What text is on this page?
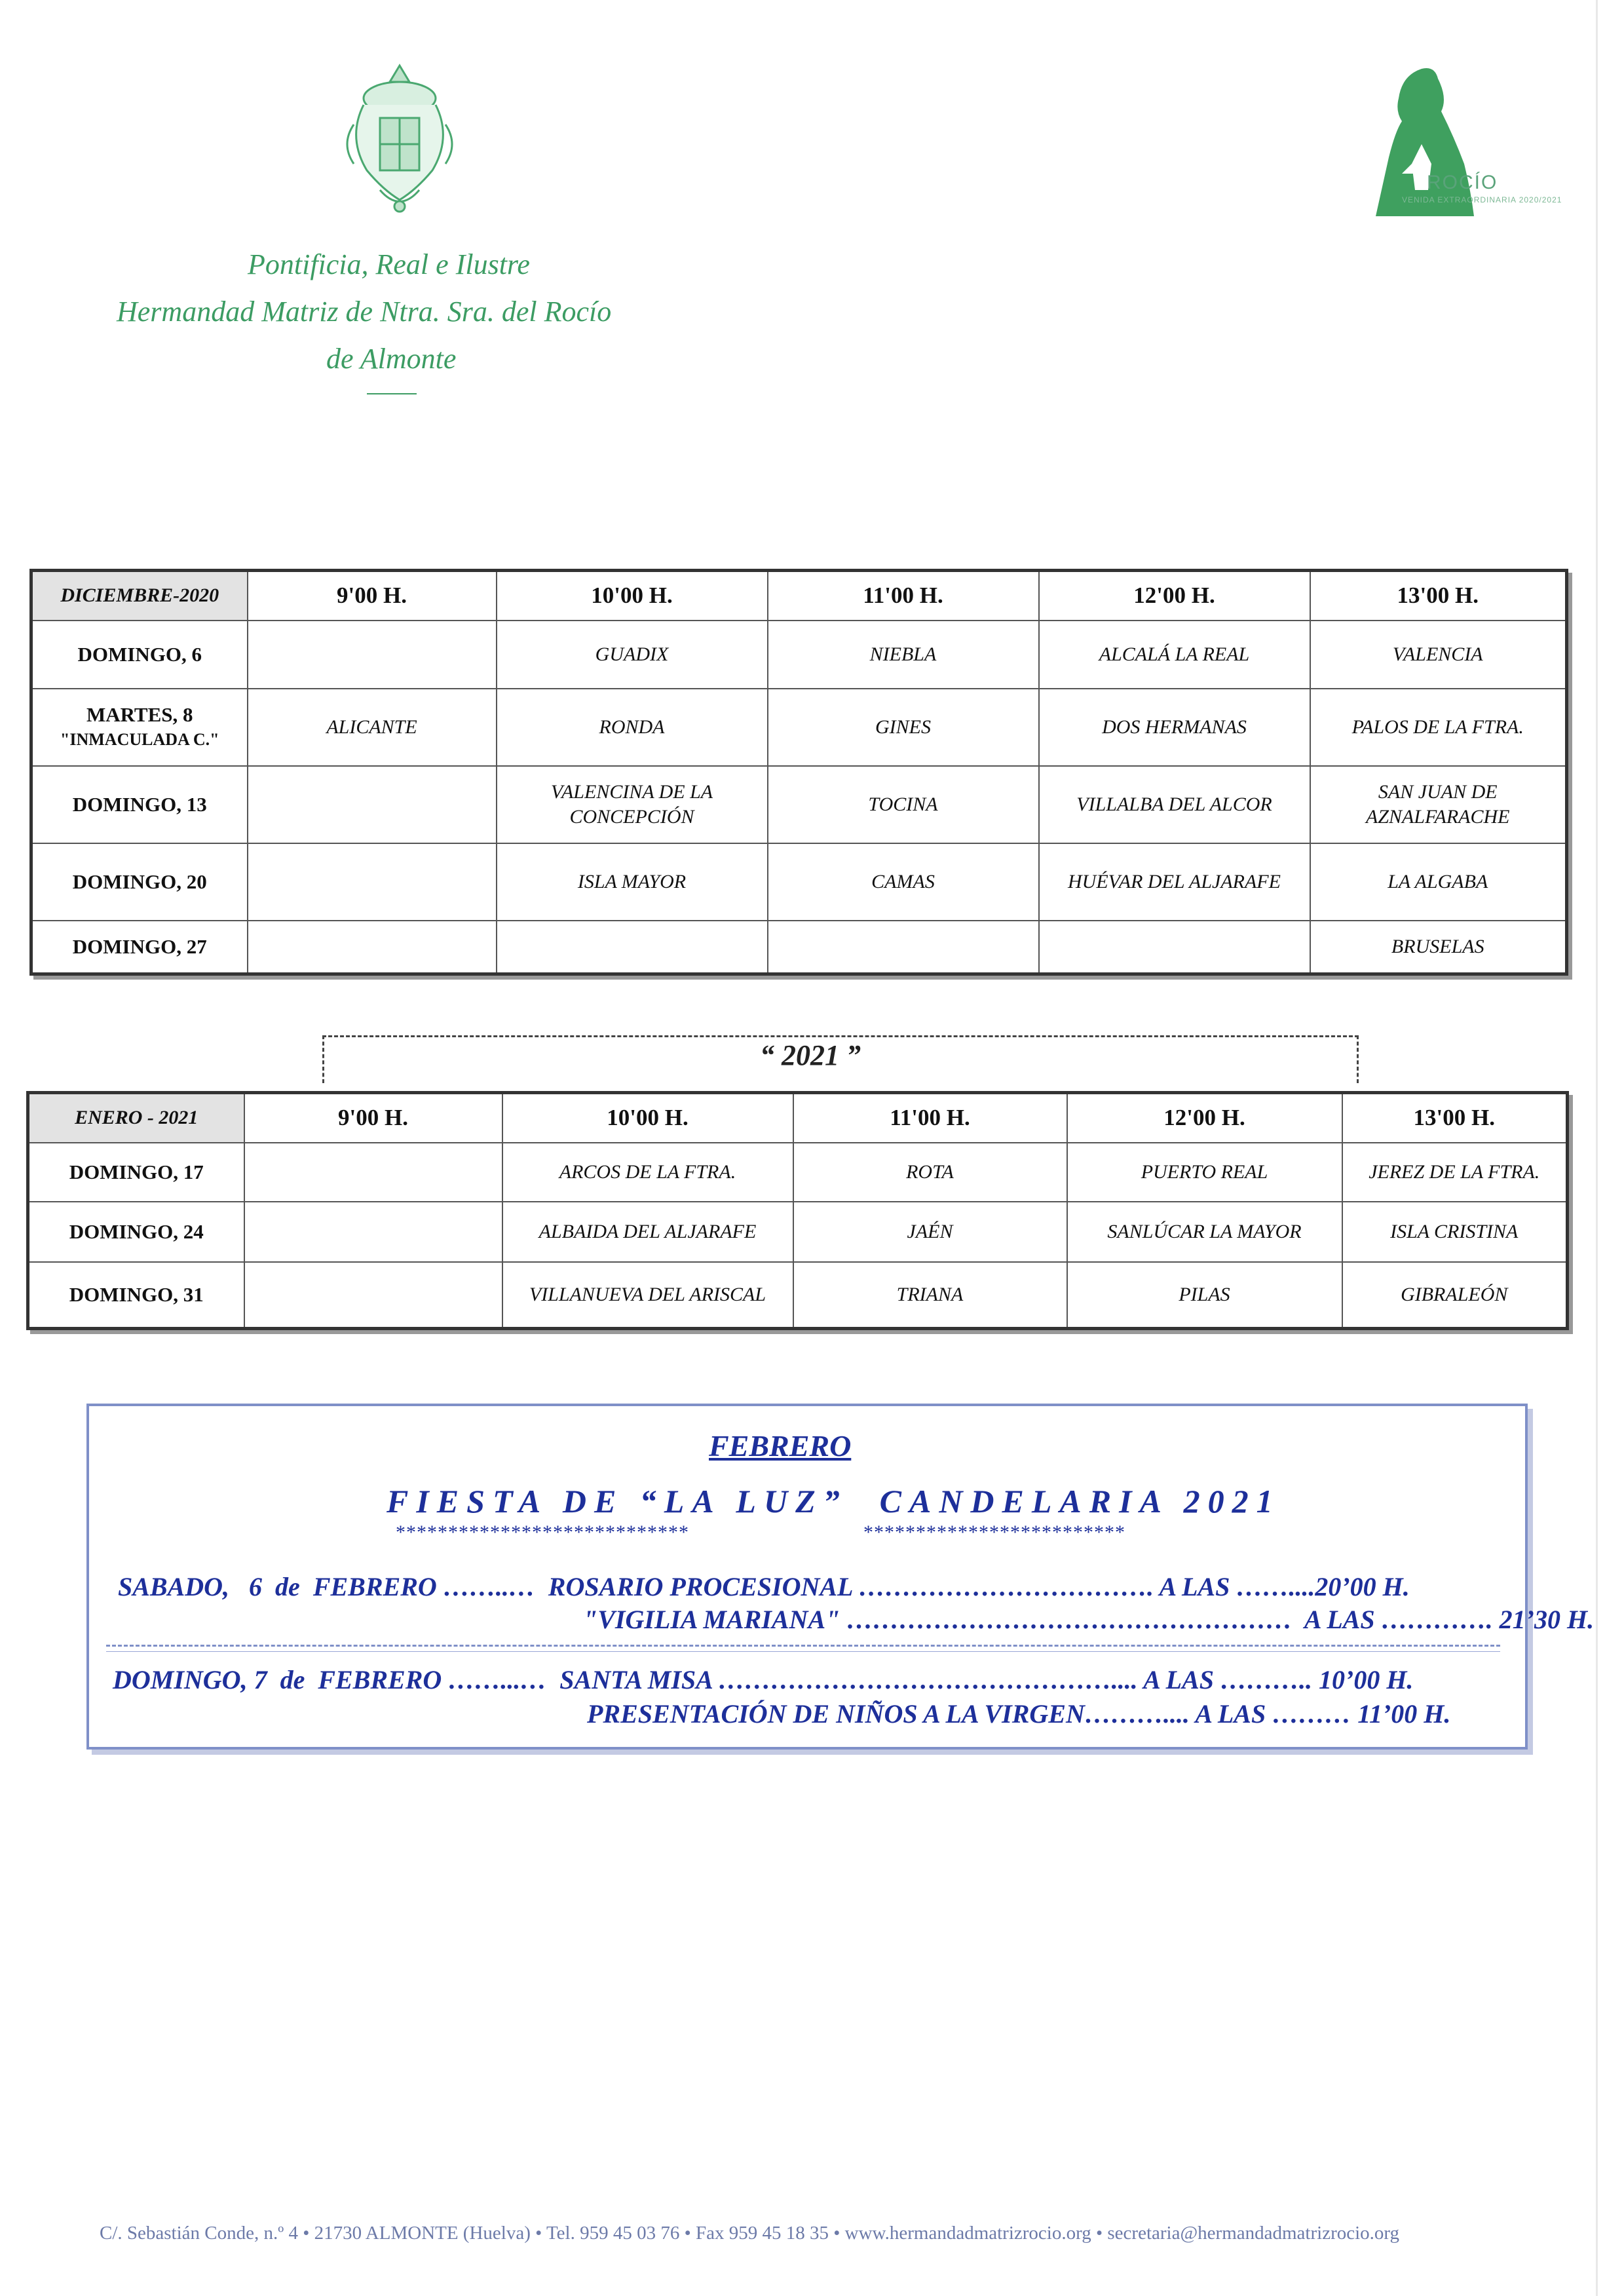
ROCÍO
VENIDA EXTRAORDINARIA 2020/2021
Pontificia, Real e Ilustre
Hermandad Matriz de Ntra. Sra. del Rocío
de Almonte
DICIEMBRE-2020	9'00 H.	10'00 H.	11'00 H.	12'00 H.	13'00 H.
DOMINGO, 6		GUADIX	NIEBLA	ALCALÁ LA REAL	VALENCIA
MARTES, 8
"INMACULADA C."	ALICANTE	RONDA	GINES	DOS HERMANAS	PALOS DE LA FTRA.
DOMINGO, 13		VALENCINA DE LA CONCEPCIÓN	TOCINA	VILLALBA DEL ALCOR	SAN JUAN DE AZNALFARACHE
DOMINGO, 20		ISLA MAYOR	CAMAS	HUÉVAR DEL ALJARAFE	LA ALGABA
DOMINGO, 27					BRUSELAS
“ 2021 ”
ENERO - 2021	9'00 H.	10'00 H.	11'00 H.	12'00 H.	13'00 H.
DOMINGO, 17		ARCOS DE LA FTRA.	ROTA	PUERTO REAL	JEREZ DE LA FTRA.
DOMINGO, 24		ALBAIDA DEL ALJARAFE	JAÉN	SANLÚCAR LA MAYOR	ISLA CRISTINA
DOMINGO, 31		VILLANUEVA DEL ARISCAL	TRIANA	PILAS	GIBRALEÓN
FEBRERO
FIESTA DE “LA LUZ”  CANDELARIA 2021
****************************	*************************
SABADO,   6  de  FEBRERO ……..…  ROSARIO PROCESIONAL ……………………………. A LAS ……....20’00 H.
"VIGILIA MARIANA" ……………………………………………  A LAS …………. 21’30 H.
DOMINGO, 7  de  FEBRERO ……...…  SANTA MISA ……………………………………….... A LAS ……….. 10’00 H.
PRESENTACIÓN DE NIÑOS A LA VIRGEN……….... A LAS ……… 11’00 H.
C/. Sebastián Conde, n.º 4 • 21730 ALMONTE (Huelva) • Tel. 959 45 03 76 • Fax 959 45 18 35 • www.hermandadmatrizrocio.org • secretaria@hermandadmatrizrocio.org
